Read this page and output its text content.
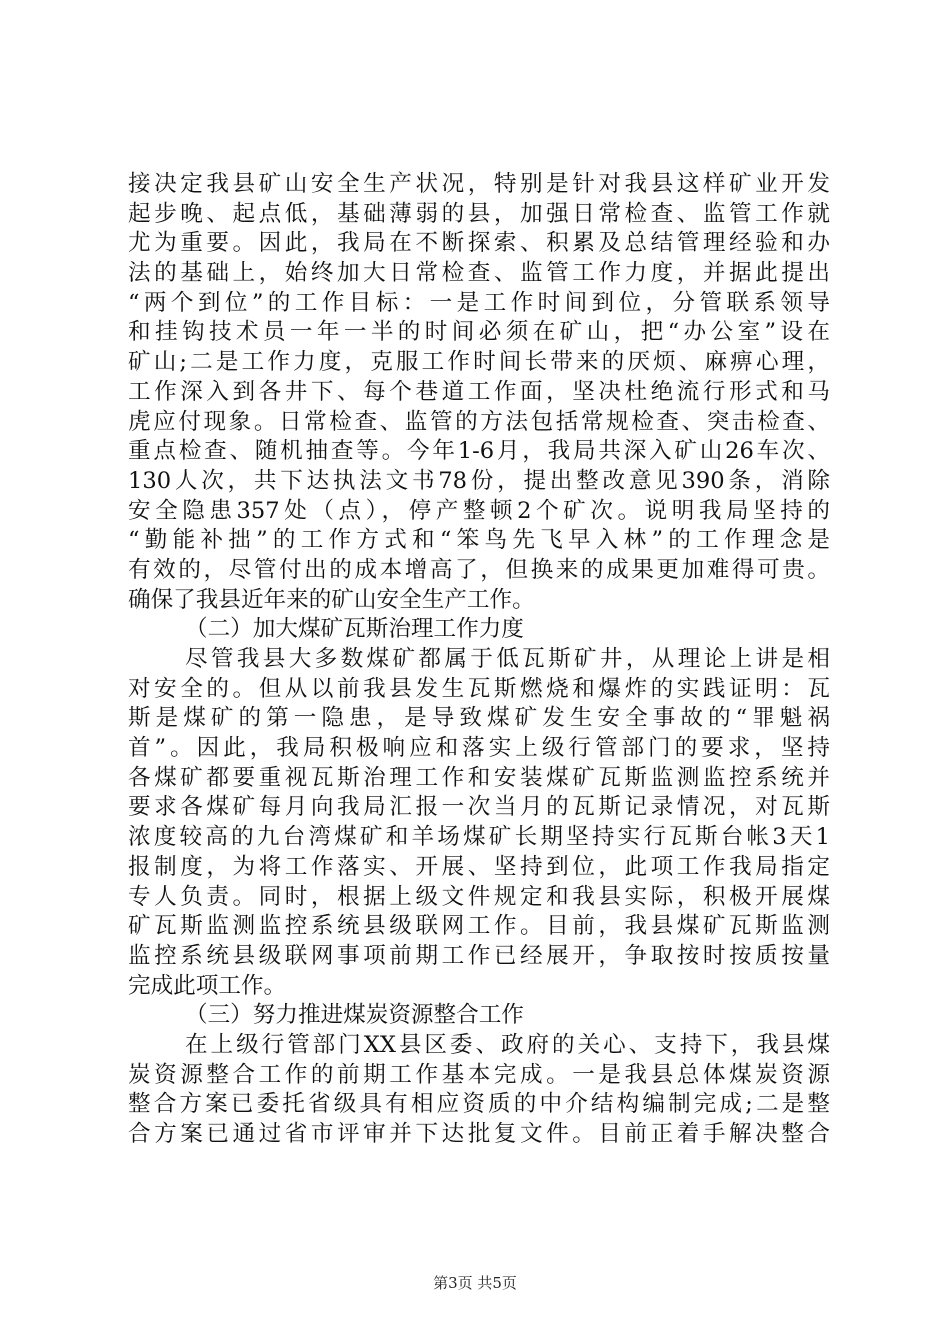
接决定我县矿山安全生产状况，特别是针对我县这样矿业开发
起步晚、起点低，基础薄弱的县，加强日常检查、监管工作就
尤为重要。因此，我局在不断探索、积累及总结管理经验和办
法的基础上，始终加大日常检查、监管工作力度，并据此提出
“两个到位”的工作目标：一是工作时间到位，分管联系领导
和挂钩技术员一年一半的时间必须在矿山，把“办公室”设在
矿山;二是工作力度，克服工作时间长带来的厌烦、麻痹心理，
工作深入到各井下、每个巷道工作面，坚决杜绝流行形式和马
虎应付现象。日常检查、监管的方法包括常规检查、突击检查、
重点检查、随机抽查等。今年1-6月，我局共深入矿山26车次、
130人次，共下达执法文书78份，提出整改意见390条，消除
安全隐患357处（点），停产整顿2个矿次。说明我局坚持的
“勤能补拙”的工作方式和“笨鸟先飞早入林”的工作理念是
有效的，尽管付出的成本增高了，但换来的成果更加难得可贵。
确保了我县近年来的矿山安全生产工作。
（二）加大煤矿瓦斯治理工作力度
尽管我县大多数煤矿都属于低瓦斯矿井，从理论上讲是相
对安全的。但从以前我县发生瓦斯燃烧和爆炸的实践证明：瓦
斯是煤矿的第一隐患，是导致煤矿发生安全事故的“罪魁祸
首”。因此，我局积极响应和落实上级行管部门的要求，坚持
各煤矿都要重视瓦斯治理工作和安装煤矿瓦斯监测监控系统并
要求各煤矿每月向我局汇报一次当月的瓦斯记录情况，对瓦斯
浓度较高的九台湾煤矿和羊场煤矿长期坚持实行瓦斯台帐3天1
报制度，为将工作落实、开展、坚持到位，此项工作我局指定
专人负责。同时，根据上级文件规定和我县实际，积极开展煤
矿瓦斯监测监控系统县级联网工作。目前，我县煤矿瓦斯监测
监控系统县级联网事项前期工作已经展开，争取按时按质按量
完成此项工作。
（三）努力推进煤炭资源整合工作
在上级行管部门XX县区委、政府的关心、支持下，我县煤
炭资源整合工作的前期工作基本完成。一是我县总体煤炭资源
整合方案已委托省级具有相应资质的中介结构编制完成;二是整
合方案已通过省市评审并下达批复文件。目前正着手解决整合
第3页 共5页
